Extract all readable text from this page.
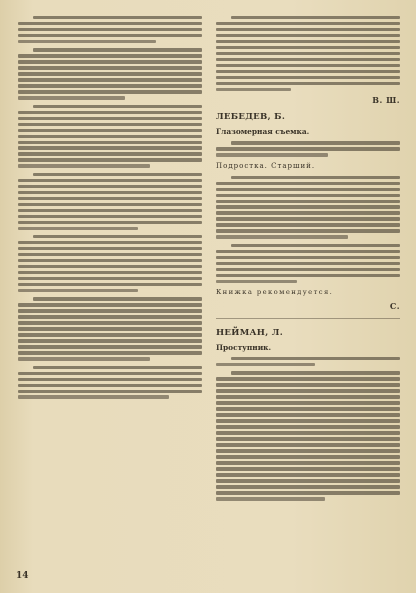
В. Ш.
ЛЕБЕДЕВ, Б.
Глазомерная съемка.
Подростка. Старший.
Книжка рекомендуется.
С.
НЕЙМАН, Л.
Проступник.
14
